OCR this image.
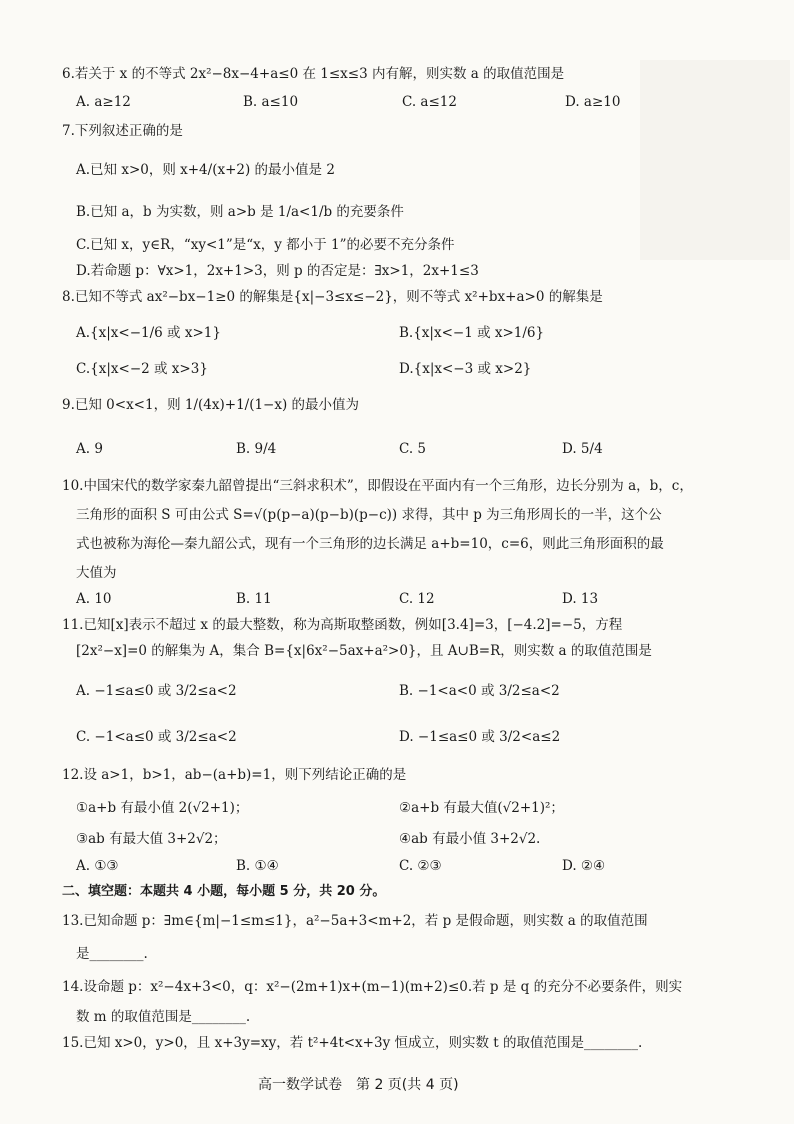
6.若关于 x 的不等式 2x²−8x−4+a≤0 在 1≤x≤3 内有解，则实数 a 的取值范围是
A. a≥12	B. a≤10	C. a≤12	D. a≥10
7.下列叙述正确的是
A.已知 x>0，则 x+4/(x+2) 的最小值是 2
B.已知 a，b 为实数，则 a>b 是 1/a<1/b 的充要条件
C.已知 x，y∈R，“xy<1”是“x，y 都小于 1”的必要不充分条件
D.若命题 p：∀x>1，2x+1>3，则 p 的否定是：∃x>1，2x+1≤3
8.已知不等式 ax²−bx−1≥0 的解集是{x|−3≤x≤−2}，则不等式 x²+bx+a>0 的解集是
A.{x|x<−1/6 或 x>1}	B.{x|x<−1 或 x>1/6}
C.{x|x<−2 或 x>3}	D.{x|x<−3 或 x>2}
9.已知 0<x<1，则 1/(4x)+1/(1−x) 的最小值为
A. 9	B. 9/4	C. 5	D. 5/4
10.中国宋代的数学家秦九韶曾提出“三斜求积术”，即假设在平面内有一个三角形，边长分别为 a，b，c，
三角形的面积 S 可由公式 S=√(p(p−a)(p−b)(p−c)) 求得，其中 p 为三角形周长的一半，这个公
式也被称为海伦—秦九韶公式，现有一个三角形的边长满足 a+b=10，c=6，则此三角形面积的最
大值为
A. 10	B. 11	C. 12	D. 13
11.已知[x]表示不超过 x 的最大整数，称为高斯取整函数，例如[3.4]=3，[−4.2]=−5，方程
[2x²−x]=0 的解集为 A，集合 B={x|6x²−5ax+a²>0}，且 A∪B=R，则实数 a 的取值范围是
A. −1≤a≤0 或 3/2≤a<2	B. −1<a<0 或 3/2≤a<2
C. −1<a≤0 或 3/2≤a<2	D. −1≤a≤0 或 3/2<a≤2
12.设 a>1，b>1，ab−(a+b)=1，则下列结论正确的是
①a+b 有最小值 2(√2+1)；	②a+b 有最大值(√2+1)²；
③ab 有最大值 3+2√2；	④ab 有最小值 3+2√2.
A. ①③	B. ①④	C. ②③	D. ②④
二、填空题：本题共 4 小题，每小题 5 分，共 20 分。
13.已知命题 p：∃m∈{m|−1≤m≤1}，a²−5a+3<m+2，若 p 是假命题，则实数 a 的取值范围
是________.
14.设命题 p：x²−4x+3<0，q：x²−(2m+1)x+(m−1)(m+2)≤0.若 p 是 q 的充分不必要条件，则实
数 m 的取值范围是________.
15.已知 x>0，y>0，且 x+3y=xy，若 t²+4t<x+3y 恒成立，则实数 t 的取值范围是________.
高一数学试卷　第 2 页(共 4 页)
